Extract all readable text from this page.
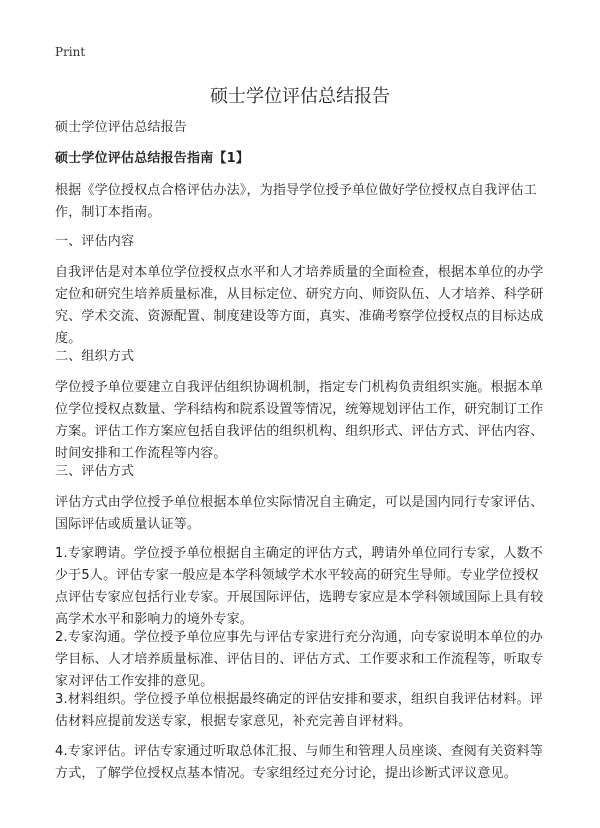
Print
硕士学位评估总结报告
硕士学位评估总结报告
硕士学位评估总结报告指南【1】
根据《学位授权点合格评估办法》，为指导学位授予单位做好学位授权点自我评估工作，制订本指南。
一、评估内容
自我评估是对本单位学位授权点水平和人才培养质量的全面检查，根据本单位的办学定位和研究生培养质量标准，从目标定位、研究方向、师资队伍、人才培养、科学研究、学术交流、资源配置、制度建设等方面，真实、准确考察学位授权点的目标达成度。
二、组织方式
学位授予单位要建立自我评估组织协调机制，指定专门机构负责组织实施。根据本单位学位授权点数量、学科结构和院系设置等情况，统筹规划评估工作，研究制订工作方案。评估工作方案应包括自我评估的组织机构、组织形式、评估方式、评估内容、时间安排和工作流程等内容。
三、评估方式
评估方式由学位授予单位根据本单位实际情况自主确定，可以是国内同行专家评估、国际评估或质量认证等。
1.专家聘请。学位授予单位根据自主确定的评估方式，聘请外单位同行专家，人数不少于5人。评估专家一般应是本学科领域学术水平较高的研究生导师。专业学位授权点评估专家应包括行业专家。开展国际评估，选聘专家应是本学科领域国际上具有较高学术水平和影响力的境外专家。
2.专家沟通。学位授予单位应事先与评估专家进行充分沟通，向专家说明本单位的办学目标、人才培养质量标准、评估目的、评估方式、工作要求和工作流程等，听取专家对评估工作安排的意见。
3.材料组织。学位授予单位根据最终确定的评估安排和要求，组织自我评估材料。评估材料应提前发送专家，根据专家意见，补充完善自评材料。
4.专家评估。评估专家通过听取总体汇报、与师生和管理人员座谈、查阅有关资料等方式，了解学位授权点基本情况。专家组经过充分讨论，提出诊断式评议意见。
